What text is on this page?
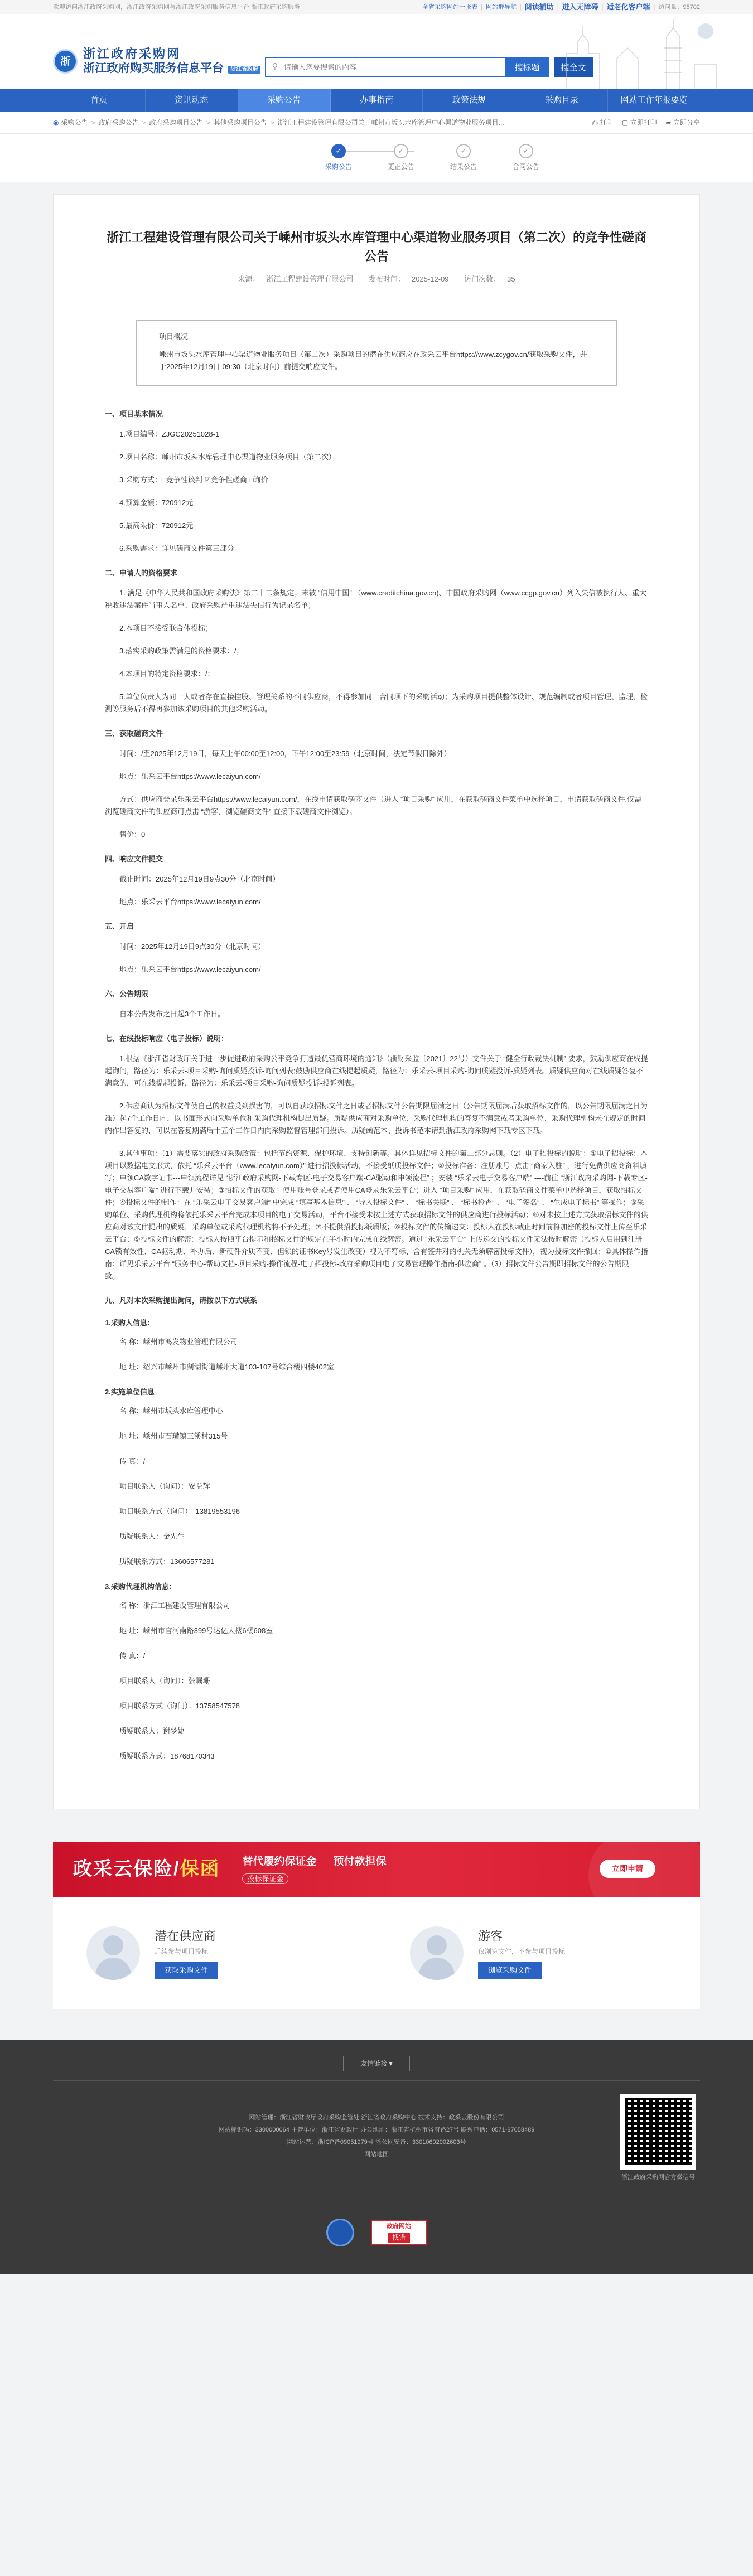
欢迎访问浙江政府采购网，浙江政府采购网与浙江政府采购服务信息平台 浙江政府采购服务	全省采购网站一张表 | 网站群导航 | 阅读辅助 | 进入无障碍 | 适老化客户端 | 访问量：95702
浙
浙江政府采购网
浙江政府购买服务信息平台	浙江省政府	⚲
请输入您要搜索的内容	搜标题	搜全文
首页	资讯动态	采购公告	办事指南	政策法规	采购目录	网站工作年报要览
◉ 采购公告 > 政府采购公告 > 政府采购项目公告 > 其他采购项目公告 > 浙江工程建设管理有限公司关于嵊州市坂头水库管理中心渠道物业服务项目...	⎙ 打印 ▢ 立即打印 ➦ 立即分享
✓
采购公告
✓
更正公告
✓
结果公告
✓
合同公告
浙江工程建设管理有限公司关于嵊州市坂头水库管理中心渠道物业服务项目（第二次）的竞争性磋商公告
来源： 浙江工程建设管理有限公司 发布时间： 2025-12-09 访问次数： 35
项目概况
嵊州市坂头水库管理中心渠道物业服务项目（第二次）采购项目的潜在供应商应在政采云平台https://www.zcygov.cn/获取采购文件，并于2025年12月19日 09:30（北京时间）前提交响应文件。
一、项目基本情况

1.项目编号：ZJGC20251028-1

2.项目名称：嵊州市坂头水库管理中心渠道物业服务项目（第二次）

3.采购方式：□竞争性谈判 ☑竞争性磋商 □询价

4.预算金额：720912元

5.最高限价：720912元

6.采购需求：详见磋商文件第三部分

二、申请人的资格要求

1. 满足《中华人民共和国政府采购法》第二十二条规定；未被 “信用中国” （www.creditchina.gov.cn)、中国政府采购网（www.ccgp.gov.cn）列入失信被执行人、重大税收违法案件当事人名单、政府采购严重违法失信行为记录名单；

2.本项目不接受联合体投标；

3.落实采购政策需满足的资格要求：/；

4.本项目的特定资格要求：/；

5.单位负责人为同一人或者存在直接控股、管理关系的不同供应商，不得参加同一合同项下的采购活动；为采购项目提供整体设计、规范编制或者项目管理、监理、检测等服务后不得再参加该采购项目的其他采购活动。

三、获取磋商文件

时间：/至2025年12月19日，每天上午00:00至12:00，下午12:00至23:59（北京时间，法定节假日除外）

地点：乐采云平台https://www.lecaiyun.com/

方式：供应商登录乐采云平台https://www.lecaiyun.com/，在线申请获取磋商文件（进入 “项目采购” 应用，在获取磋商文件菜单中选择项目，申请获取磋商文件,仅需浏览磋商文件的供应商可点击 “游客，浏览磋商文件” 直接下载磋商文件浏览）。

售价：0

四、响应文件提交

截止时间：2025年12月19日9点30分（北京时间）

地点：乐采云平台https://www.lecaiyun.com/

五、开启

时间：2025年12月19日9点30分（北京时间）

地点：乐采云平台https://www.lecaiyun.com/

六、公告期限

自本公告发布之日起3个工作日。

七、在线投标响应（电子投标）说明：

1.根据《浙江省财政厅关于进一步促进政府采购公平竞争打造最优营商环境的通知》（浙财采监〔2021〕22号）文件关于 “健全行政裁决机制” 要求，鼓励供应商在线提起询问，路径为：乐采云-项目采购-询问质疑投诉-询问列表;鼓励供应商在线提起质疑，路径为：乐采云-项目采购-询问质疑投诉-质疑列表。质疑供应商对在线质疑答复不满意的，可在线提起投诉，路径为：乐采云-项目采购-询问质疑投诉-投诉列表。

2.供应商认为招标文件使自己的权益受到损害的，可以自获取招标文件之日或者招标文件公告期限届满之日（公告期限届满后获取招标文件的，以公告期限届满之日为准）起7个工作日内，以书面形式向采购单位和采购代理机构提出质疑。质疑供应商对采购单位、采购代理机构的答复不满意或者采购单位、采购代理机构未在规定的时间内作出答复的，可以在答复期满后十五个工作日内向采购监督管理部门投诉。质疑函范本、投诉书范本请到浙江政府采购网下载专区下载。

3.其他事项：（1）需要落实的政府采购政策：包括节约资源、保护环境、支持创新等。具体详见招标文件的第二部分总则。（2）电子招投标的说明：①电子招投标：本项目以数据电文形式，依托 “乐采云平台（www.lecaiyun.com）” 进行招投标活动，不接受纸质投标文件；②投标准备：注册账号--点击 “商家入驻” ，进行免费供应商资料填写；申领CA数字证书---申领流程详见 “浙江政府采购网-下载专区-电子交易客户端-CA驱动和申领流程” ；安装 “乐采云电子交易客户端” ----前往 “浙江政府采购网-下载专区-电子交易客户端” 进行下载并安装；③招标文件的获取：使用账号登录或者使用CA登录乐采云平台；进入 “项目采购” 应用，在获取磋商文件菜单中选择项目，获取招标文件；④投标文件的制作：在 “乐采云电子交易客户端” 中完成 “填写基本信息” 、 “导入投标文件” 、 “标书关联” 、 “标书检查” 、 “电子签名” 、 “生成电子标书” 等操作；⑤采购单位、采购代理机构将依托乐采云平台完成本项目的电子交易活动，平台不接受未按上述方式获取招标文件的供应商进行投标活动；⑥对未按上述方式获取招标文件的供应商对该文件提出的质疑，采购单位或采购代理机构将不予处理；⑦不提供招投标纸质版；⑧投标文件的传输递交：投标人在投标截止时间前将加密的投标文件上传至乐采云平台；⑨投标文件的解密：投标人按照平台提示和招标文件的规定在半小时内完成在线解密。通过 “乐采云平台” 上传递交的投标文件无法按时解密（投标人启用到注册CA锁有效性、CA驱动期、补办后、新硬件介质不变、但锁的证书Key号发生改变）视为不符标、含有签并对的机关无须解密投标文件），视为投标文件撤回；⑩具体操作指南：详见乐采云平台 “服务中心-帮助文档-项目采购-操作流程-电子招投标-政府采购项目电子交易管理操作指南-供应商” 。（3）招标文件公告期即招标文件的公告期限一致。

九、凡对本次采购提出询问，请按以下方式联系
1.采购人信息：

名 称：嵊州市鸿发物业管理有限公司

地 址：绍兴市嵊州市剡湖街道嵊州大道103-107号综合楼四楼402室

2.实施单位信息

名 称：嵊州市坂头水库管理中心

地 址：嵊州市石璜镇三溪村315号

传 真：/

项目联系人（询问）：安益辉

项目联系方式（询问）：13819553196

质疑联系人：金先生

质疑联系方式：13606577281

3.采购代理机构信息：

名 称：浙江工程建设管理有限公司

地 址：嵊州市官河南路399号达亿大楼6楼608室

传 真：/

项目联系人（询问）：张瞩珊

项目联系方式（询问）：13758547578

质疑联系人：谢梦婕

质疑联系方式：18768170343

政采云保险/ 保函 替代履约保证金 预付款担保
投标保证金
立即申请
潜在供应商
后续参与项目投标
获取采购文件
游客
仅浏览文件，不参与项目投标
浏览采购文件
友情链接 ▾
网站管理：浙江省财政厅政府采购监管处 浙江省政府采购中心 技术支持：政采云股份有限公司
网站标识码：3300000064 主管单位：浙江省财政厅 办公地址：浙江省杭州市省府路27号 联系电话：0571-87058489
网站运营：浙ICP备09051979号 浙公网安备：33010602002603号
网站地图
浙江政府采购网官方微信号
政府网站
找错
